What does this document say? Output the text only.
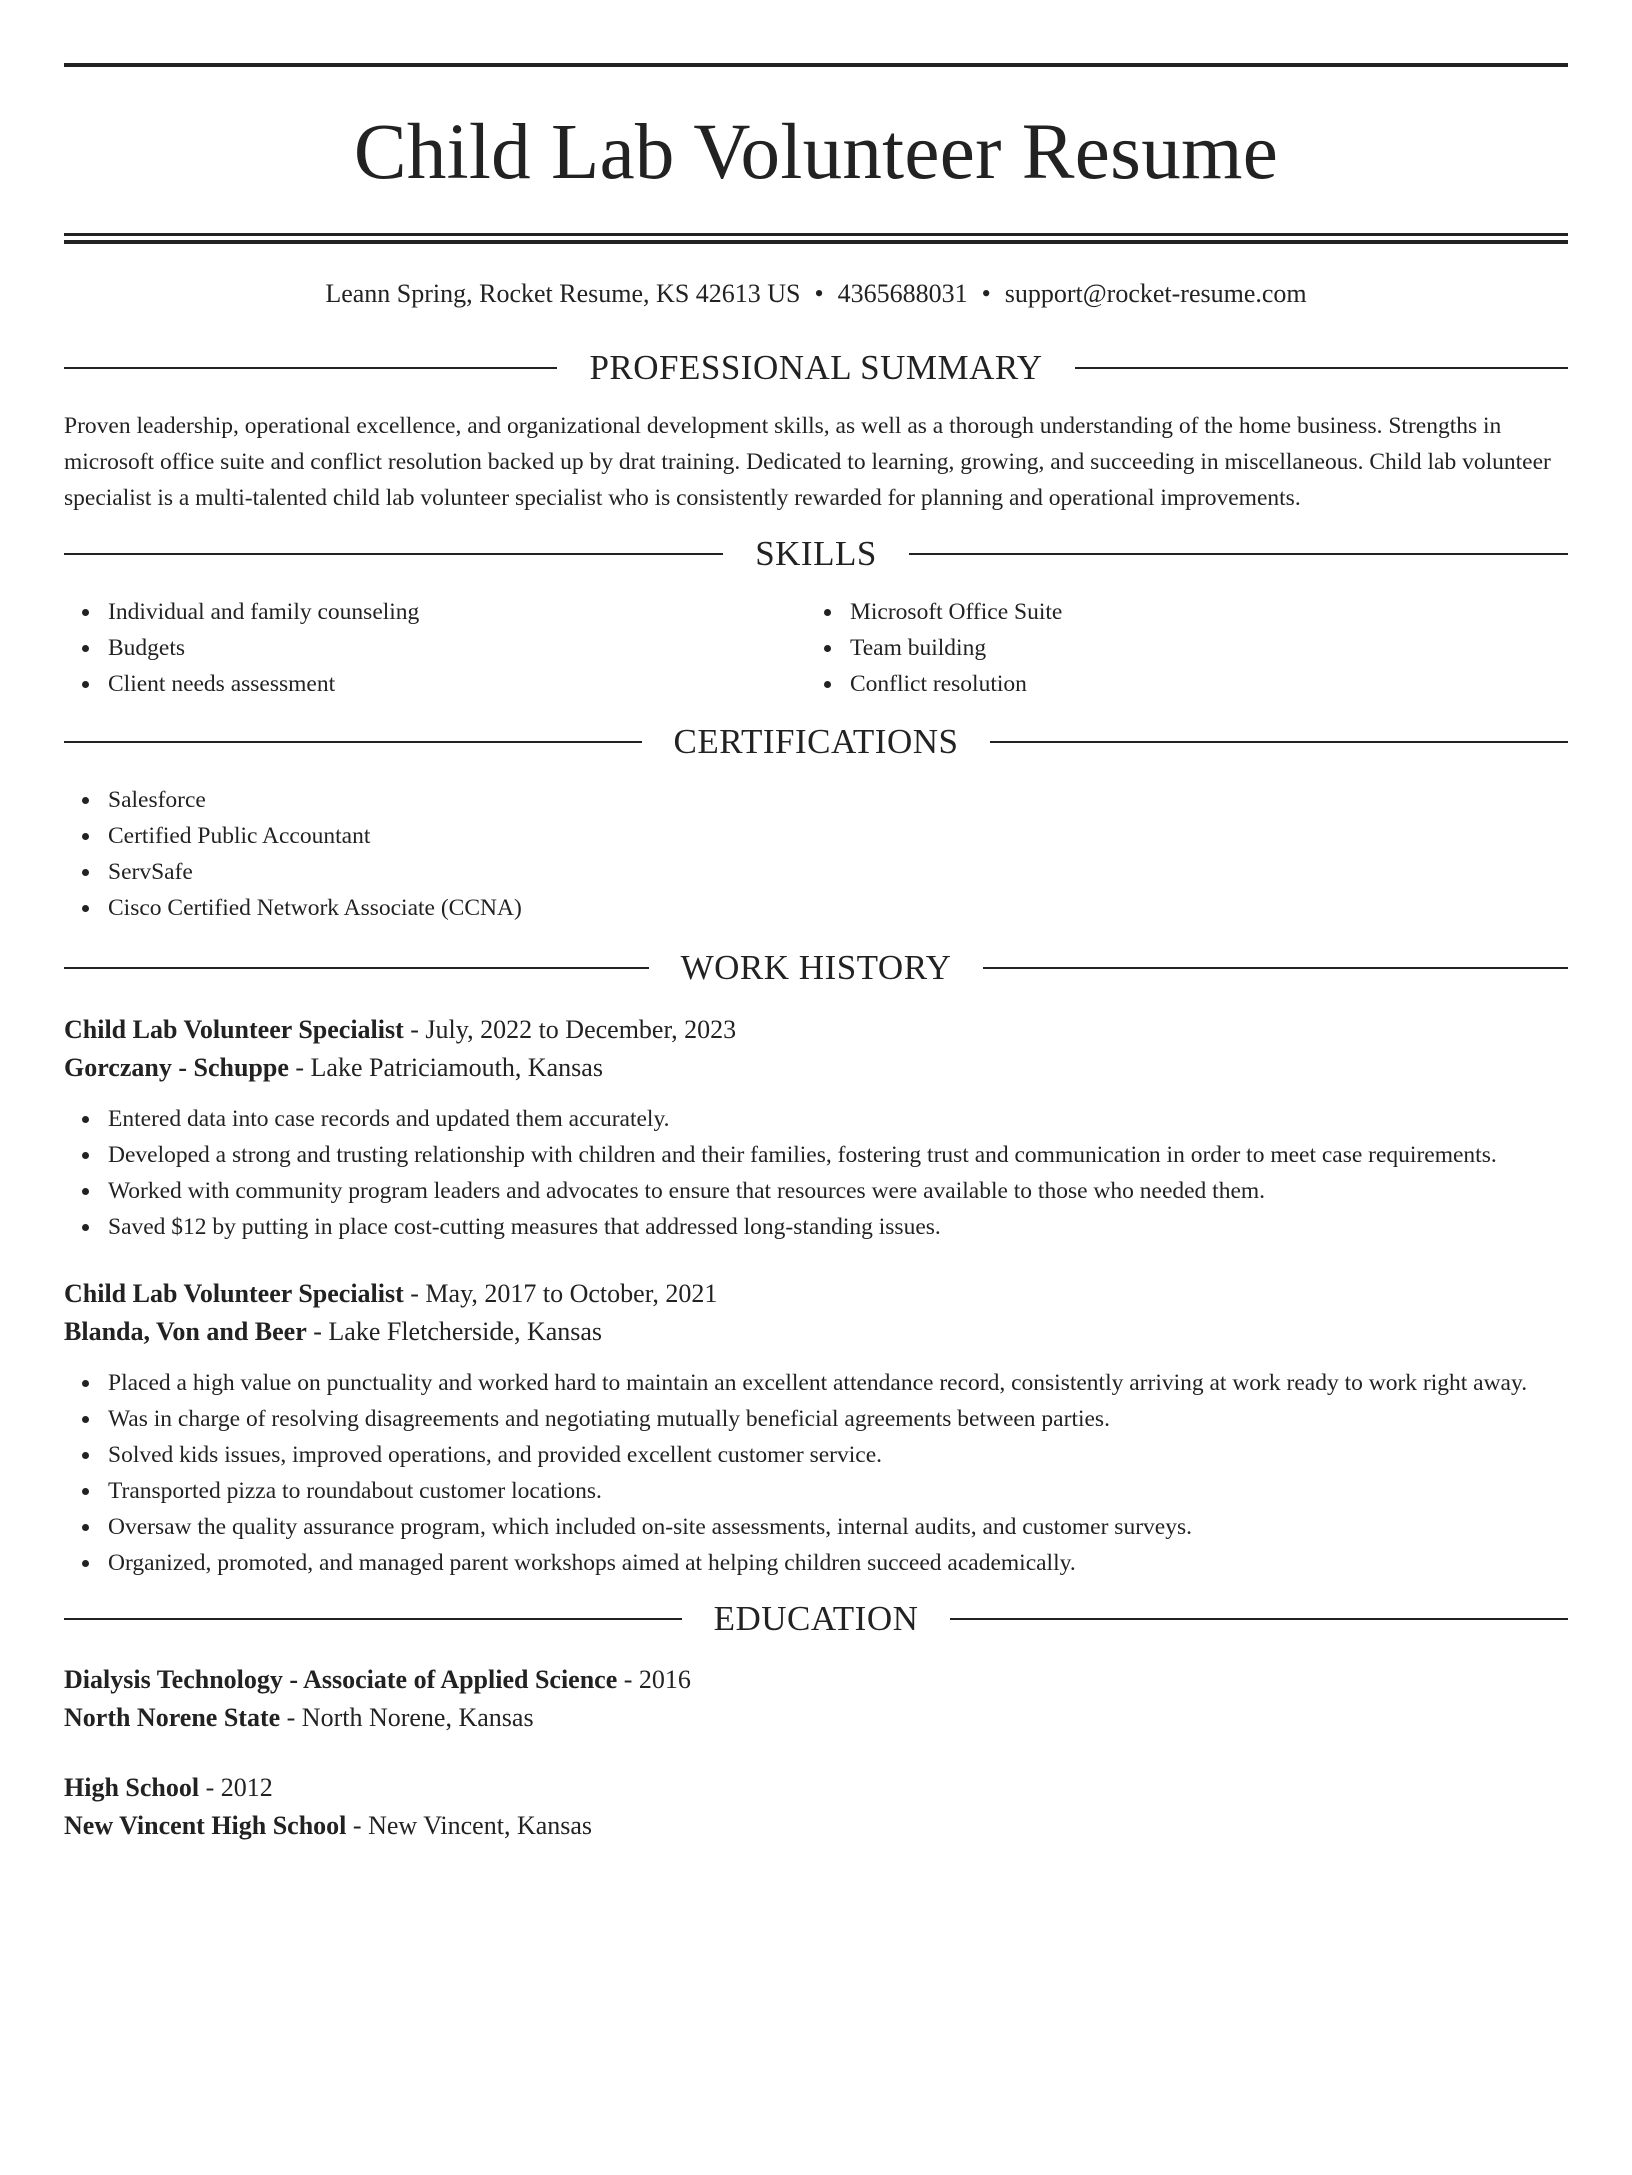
Child Lab Volunteer Resume
Leann Spring, Rocket Resume, KS 42613 US • 4365688031 • support@rocket-resume.com
PROFESSIONAL SUMMARY

Proven leadership, operational excellence, and organizational development skills, as well as a thorough understanding of the home business. Strengths in microsoft office suite and conflict resolution backed up by drat training. Dedicated to learning, growing, and succeeding in miscellaneous. Child lab volunteer specialist is a multi-talented child lab volunteer specialist who is consistently rewarded for planning and operational improvements.

SKILLS
Individual and family counseling
Budgets
Client needs assessment
Microsoft Office Suite
Team building
Conflict resolution
CERTIFICATIONS
Salesforce
Certified Public Accountant
ServSafe
Cisco Certified Network Associate (CCNA)
WORK HISTORY
Child Lab Volunteer Specialist - July, 2022 to December, 2023
Gorczany - Schuppe - Lake Patriciamouth, Kansas
Entered data into case records and updated them accurately.
Developed a strong and trusting relationship with children and their families, fostering trust and communication in order to meet case requirements.
Worked with community program leaders and advocates to ensure that resources were available to those who needed them.
Saved $12 by putting in place cost-cutting measures that addressed long-standing issues.
Child Lab Volunteer Specialist - May, 2017 to October, 2021
Blanda, Von and Beer - Lake Fletcherside, Kansas
Placed a high value on punctuality and worked hard to maintain an excellent attendance record, consistently arriving at work ready to work right away.
Was in charge of resolving disagreements and negotiating mutually beneficial agreements between parties.
Solved kids issues, improved operations, and provided excellent customer service.
Transported pizza to roundabout customer locations.
Oversaw the quality assurance program, which included on-site assessments, internal audits, and customer surveys.
Organized, promoted, and managed parent workshops aimed at helping children succeed academically.
EDUCATION
Dialysis Technology - Associate of Applied Science - 2016
North Norene State - North Norene, Kansas
High School - 2012
New Vincent High School - New Vincent, Kansas
